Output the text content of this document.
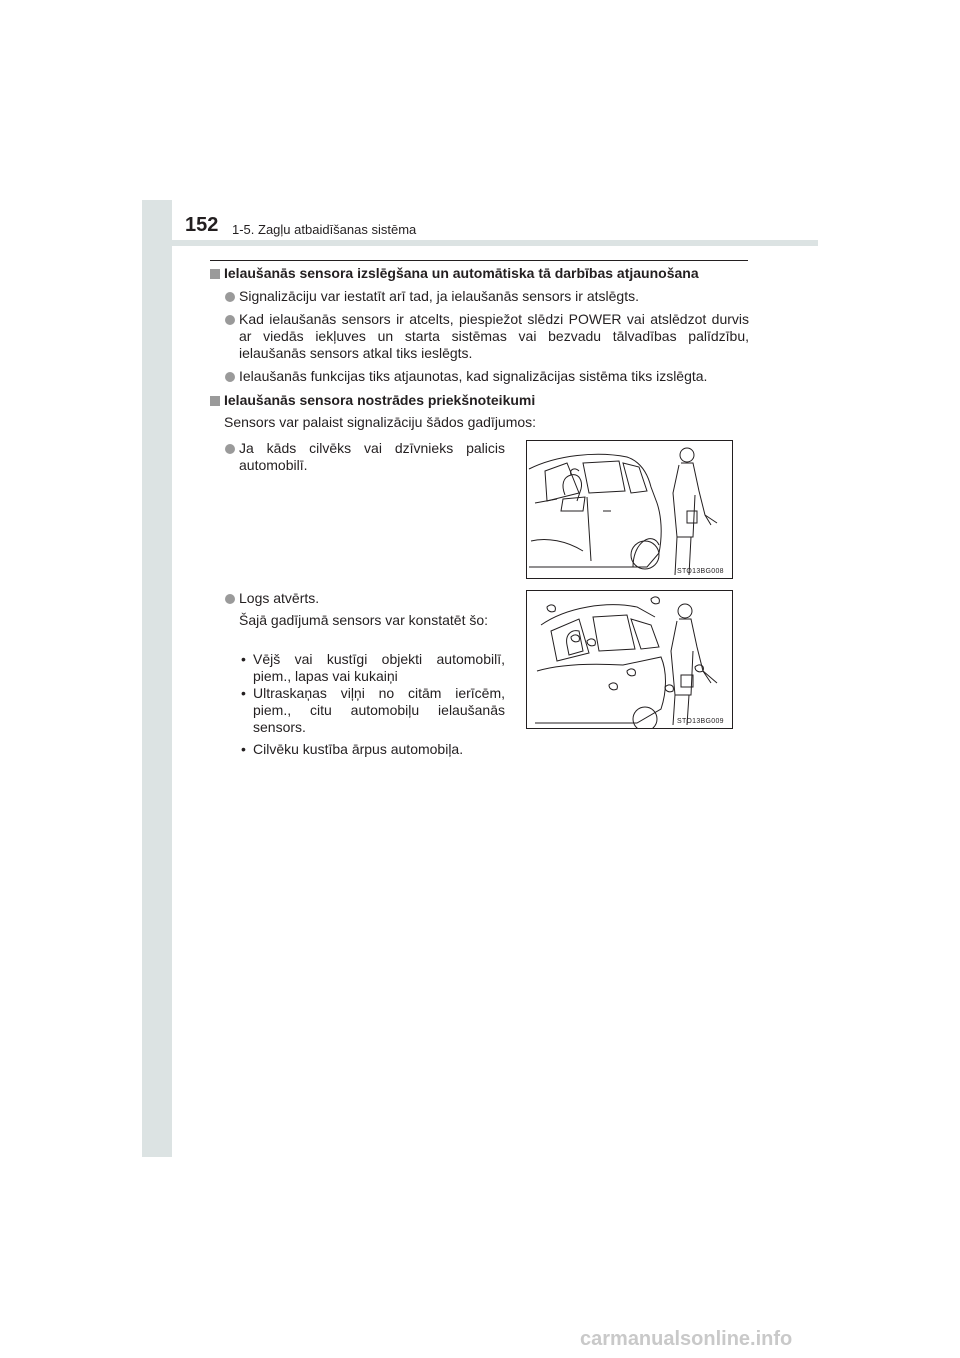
152 1-5. Zagļu atbaidīšanas sistēma
Ielaušanās sensora izslēgšana un automātiska tā darbības atjaunošana
Signalizāciju var iestatīt arī tad, ja ielaušanās sensors ir atslēgts.
Kad ielaušanās sensors ir atcelts, piespiežot slēdzi POWER vai atslēdzot durvis ar viedās iekļuves un starta sistēmas vai bezvadu tālvadības palīdzību, ielaušanās sensors atkal tiks ieslēgts.
Ielaušanās funkcijas tiks atjaunotas, kad signalizācijas sistēma tiks izslēgta.
Ielaušanās sensora nostrādes priekšnoteikumi
Sensors var palaist signalizāciju šādos gadījumos:
Ja kāds cilvēks vai dzīvnieks palicis automobilī.
Logs atvērts.
Šajā gadījumā sensors var konstatēt šo:
• Vējš vai kustīgi objekti automobilī, piem., lapas vai kukaiņi
• Ultraskaņas viļņi no citām ierīcēm, piem., citu automobiļu ielaušanās sensors.
• Cilvēku kustība ārpus automobiļa.
STO13BG008
STO13BG009
carmanualsonline.info
